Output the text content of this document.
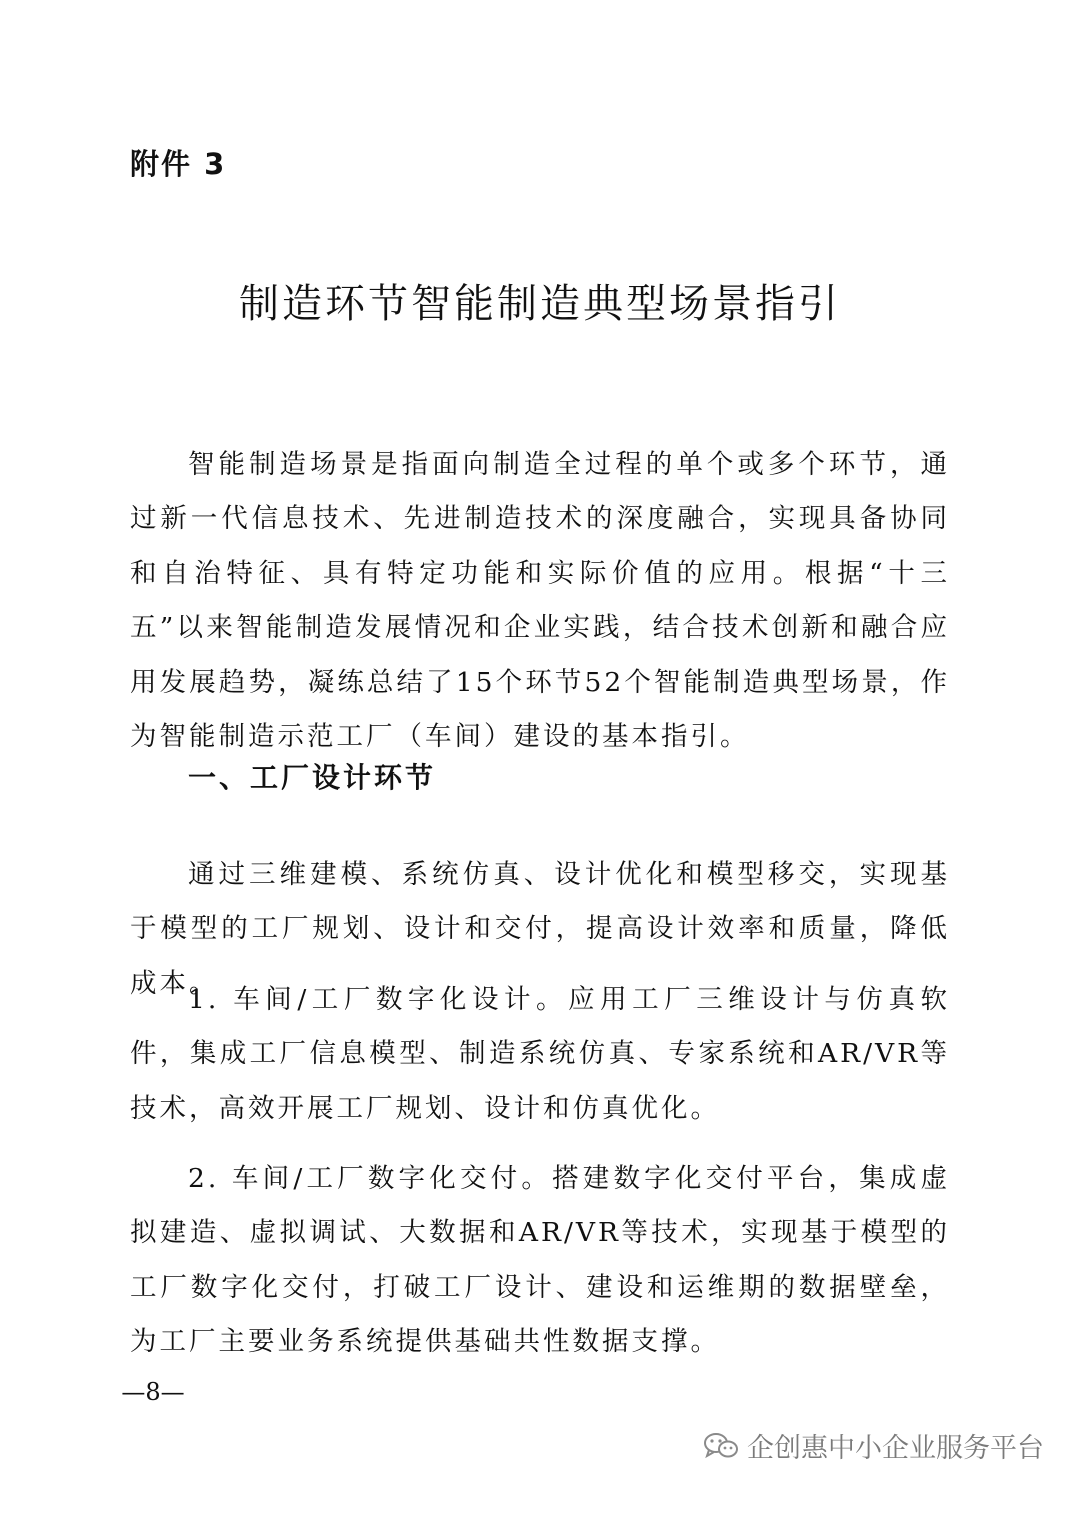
附件 3
制造环节智能制造典型场景指引

智能制造场景是指面向制造全过程的单个或多个环节，通过新一代信息技术、先进制造技术的深度融合，实现具备协同和自治特征、具有特定功能和实际价值的应用。根据“十三五”以来智能制造发展情况和企业实践，结合技术创新和融合应用发展趋势，凝练总结了15个环节52个智能制造典型场景，作为智能制造示范工厂（车间）建设的基本指引。

一、工厂设计环节

通过三维建模、系统仿真、设计优化和模型移交，实现基于模型的工厂规划、设计和交付，提高设计效率和质量，降低成本。

1. 车间/工厂数字化设计。应用工厂三维设计与仿真软件，集成工厂信息模型、制造系统仿真、专家系统和AR/VR等技术，高效开展工厂规划、设计和仿真优化。

2. 车间/工厂数字化交付。搭建数字化交付平台，集成虚拟建造、虚拟调试、大数据和AR/VR等技术，实现基于模型的工厂数字化交付，打破工厂设计、建设和运维期的数据壁垒，为工厂主要业务系统提供基础共性数据支撑。

—8—
企创惠中小企业服务平台
